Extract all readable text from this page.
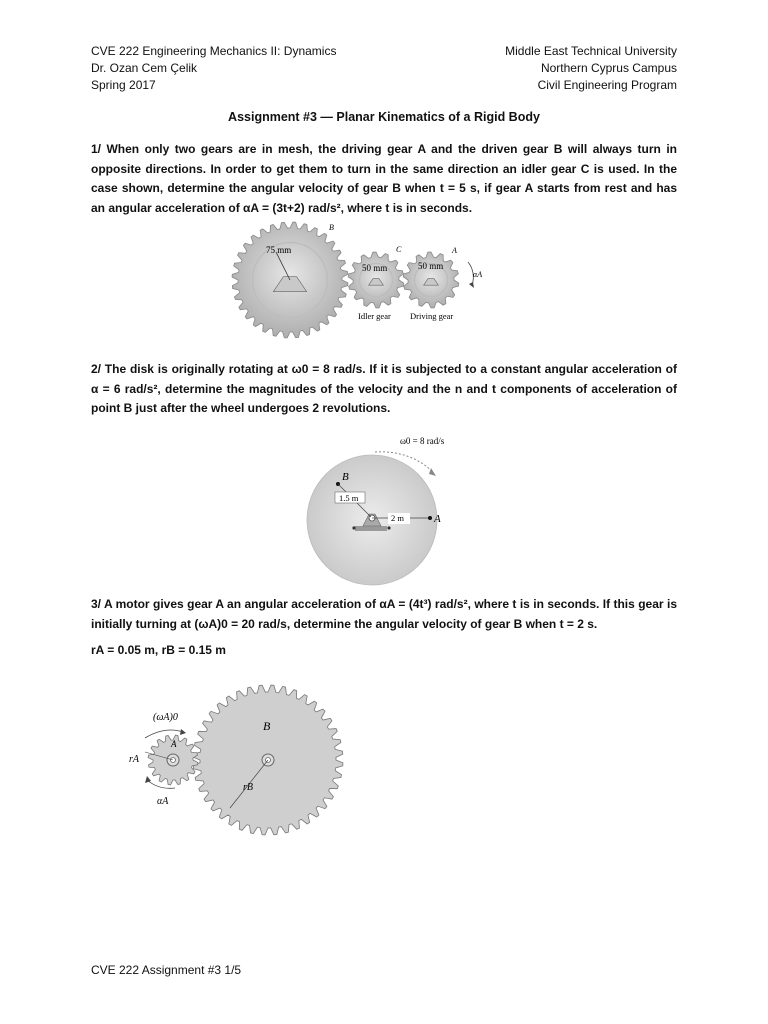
CVE 222 Engineering Mechanics II: Dynamics
Dr. Ozan Cem Çelik
Spring 2017
Middle East Technical University
Northern Cyprus Campus
Civil Engineering Program
Assignment #3 — Planar Kinematics of a Rigid Body
1/ When only two gears are in mesh, the driving gear A and the driven gear B will always turn in opposite directions. In order to get them to turn in the same direction an idler gear C is used. In the case shown, determine the angular velocity of gear B when t = 5 s, if gear A starts from rest and has an angular acceleration of αA = (3t+2) rad/s², where t is in seconds.
75 mm
50 mm	50 mm
B
C	A
αA
Idler gear Driving gear
2/ The disk is originally rotating at ω0 = 8 rad/s. If it is subjected to a constant angular acceleration of α = 6 rad/s², determine the magnitudes of the velocity and the n and t components of acceleration of point B just after the wheel undergoes 2 revolutions.
ω0 = 8 rad/s
B
1.5 m
2 m	A
3/ A motor gives gear A an angular acceleration of αA = (4t³) rad/s², where t is in seconds. If this gear is initially turning at (ωA)0 = 20 rad/s, determine the angular velocity of gear B when t = 2 s.
rA = 0.05 m, rB = 0.15 m
rB
B
A
(ωA)0
rA
αA
CVE 222 Assignment #3 1/5
